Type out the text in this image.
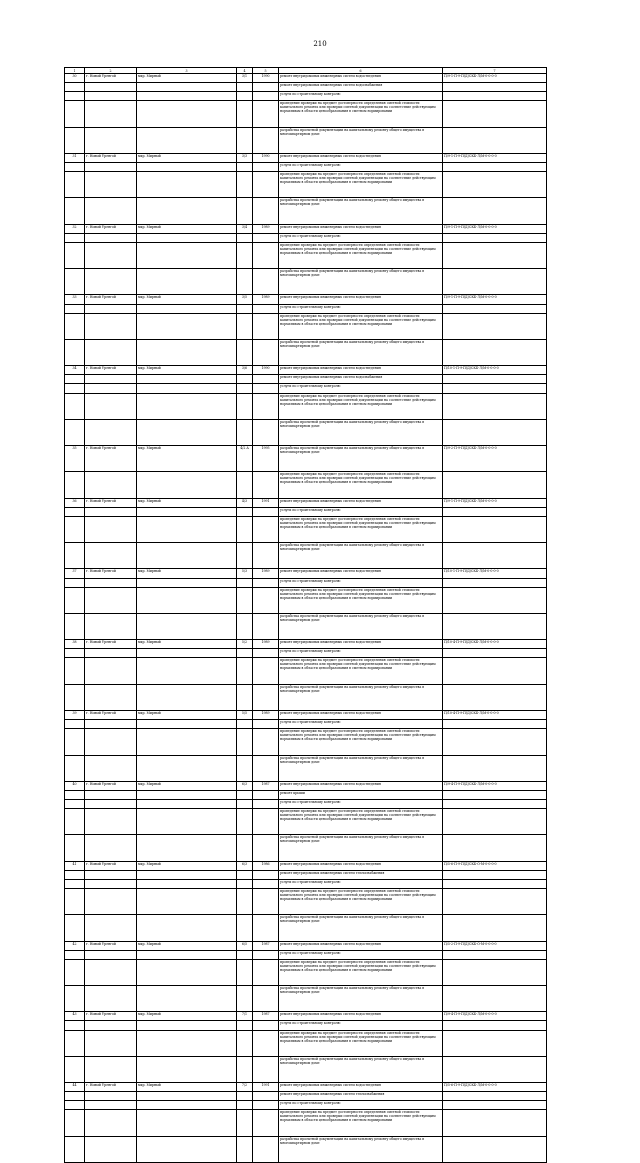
210
1	2	3	4	5	6	7
30	г. Новый Уренгой	мкр. Мирный	3/1	1990	ремонт внутридомовых инженерных систем водоотведения	П/9-1-П-9-П(Д)СКБ-Л/М-0-0-0-0
					ремонт внутридомовых инженерных систем водоснабжения	
					услуги по строительному контролю	
					проведение проверки на предмет достоверности определения сметной стоимости капитального ремонта или проверки сметной документации на соответствие действующим нормативам в области ценообразования в сметном нормировании	
					разработка проектной документации на капитальному ремонту общего имущества в многоквартирном доме	
31	г. Новый Уренгой	мкр. Мирный	3/3	1990	ремонт внутридомовых инженерных систем водоотведения	П/9-1-П-9-П(Д)СКБ-Л/М-0-0-0-0
					услуги по строительному контролю	
					проведение проверки на предмет достоверности определения сметной стоимости капитального ремонта или проверки сметной документации на соответствие действующим нормативам в области ценообразования в сметном нормировании	
					разработка проектной документации на капитальному ремонту общего имущества в многоквартирном доме	
32	г. Новый Уренгой	мкр. Мирный	3/4	1989	ремонт внутридомовых инженерных систем водоотведения	П/9-1-П-9-П(Д)СКБ-Л/М-0-0-0-0
					услуги по строительному контролю	
					проведение проверки на предмет достоверности определения сметной стоимости капитального ремонта или проверки сметной документации на соответствие действующим нормативам в области ценообразования в сметном нормировании	
					разработка проектной документации на капитальному ремонту общего имущества в многоквартирном доме	
33	г. Новый Уренгой	мкр. Мирный	3/5	1989	ремонт внутридомовых инженерных систем водоотведения	П/9-1-П-9-П(Д)СКБ-Л/М-0-0-0-0
					услуги по строительному контролю	
					проведение проверки на предмет достоверности определения сметной стоимости капитального ремонта или проверки сметной документации на соответствие действующим нормативам в области ценообразования в сметном нормировании	
					разработка проектной документации на капитальному ремонту общего имущества в многоквартирном доме	
34	г. Новый Уренгой	мкр. Мирный	3/6	1990	ремонт внутридомовых инженерных систем водоотведения	П/10-1-П-9-П(Д)СКБ-Л/М-0-0-0-0
					ремонт внутридомовых инженерных систем водоснабжения	
					услуги по строительному контролю	
					проведение проверки на предмет достоверности определения сметной стоимости капитального ремонта или проверки сметной документации на соответствие действующим нормативам в области ценообразования в сметном нормировании	
					разработка проектной документации на капитальному ремонту общего имущества в многоквартирном доме	
35	г. Новый Уренгой	мкр. Мирный	4/2 А	1995	разработка проектной документации на капитальному ремонту общего имущества в многоквартирном доме	П/9-2-П-9-П(Д)СКБ-Л/М-0-0-0-0
					проведение проверки на предмет достоверности определения сметной стоимости капитального ремонта или проверки сметной документации на соответствие действующим нормативам в области ценообразования в сметном нормировании	
36	г. Новый Уренгой	мкр. Мирный	4/3	1991	ремонт внутридомовых инженерных систем водоотведения	П/9-1-П-9-П(Д)СКБ-Л/М-0-0-0-0
					услуги по строительному контролю	
					проведение проверки на предмет достоверности определения сметной стоимости капитального ремонта или проверки сметной документации на соответствие действующим нормативам в области ценообразования в сметном нормировании	
					разработка проектной документации на капитальному ремонту общего имущества в многоквартирном доме	
37	г. Новый Уренгой	мкр. Мирный	5/3	1989	ремонт внутридомовых инженерных систем водоотведения	П/10-1-П-9-П(Д)СКБ-Л/М-0-0-0-0
					услуги по строительному контролю	
					проведение проверки на предмет достоверности определения сметной стоимости капитального ремонта или проверки сметной документации на соответствие действующим нормативам в области ценообразования в сметном нормировании	
					разработка проектной документации на капитальному ремонту общего имущества в многоквартирном доме	
38	г. Новый Уренгой	мкр. Мирный	5/2	1989	ремонт внутридомовых инженерных систем водоотведения	П/10-4-П-9-П(Д)СКБ-Л/М-0-0-0-0
					услуги по строительному контролю	
					проведение проверки на предмет достоверности определения сметной стоимости капитального ремонта или проверки сметной документации на соответствие действующим нормативам в области ценообразования в сметном нормировании	
					разработка проектной документации на капитальному ремонту общего имущества в многоквартирном доме	
39	г. Новый Уренгой	мкр. Мирный	5/5	1989	ремонт внутридомовых инженерных систем водоотведения	П/10-4-П-9-П(Д)СКБ-Л/М-0-0-0-0
					услуги по строительному контролю	
					проведение проверки на предмет достоверности определения сметной стоимости капитального ремонта или проверки сметной документации на соответствие действующим нормативам в области ценообразования в сметном нормировании	
					разработка проектной документации на капитальному ремонту общего имущества в многоквартирном доме	
40	г. Новый Уренгой	мкр. Мирный	6/3	1987	ремонт внутридомовых инженерных систем водоотведения	П/9-4-П-9-П(Д)СКБ-Л/М-0-0-0-0
					ремонт крыши	
					услуги по строительному контролю	
					проведение проверки на предмет достоверности определения сметной стоимости капитального ремонта или проверки сметной документации на соответствие действующим нормативам в области ценообразования в сметном нормировании	
					разработка проектной документации на капитальному ремонту общего имущества в многоквартирном доме	
41	г. Новый Уренгой	мкр. Мирный	6/3	1986	ремонт внутридомовых инженерных систем водоотведения	П/5-6-П-9-П(Д)СКБ-О-М-0-0-0-0
					ремонт внутридомовых инженерных систем теплоснабжения	
					услуги по строительному контролю	
					проведение проверки на предмет достоверности определения сметной стоимости капитального ремонта или проверки сметной документации на соответствие действующим нормативам в области ценообразования в сметном нормировании	
					разработка проектной документации на капитальному ремонту общего имущества в многоквартирном доме	
42	г. Новый Уренгой	мкр. Мирный	6/5	1987	ремонт внутридомовых инженерных систем водоотведения	П/5-2-П-9-П(Д)СКБ-О-М-0-0-0-0
					услуги по строительному контролю	
					проведение проверки на предмет достоверности определения сметной стоимости капитального ремонта или проверки сметной документации на соответствие действующим нормативам в области ценообразования в сметном нормировании	
					разработка проектной документации на капитальному ремонту общего имущества в многоквартирном доме	
43	г. Новый Уренгой	мкр. Мирный	7/1	1987	ремонт внутридомовых инженерных систем водоотведения	П/9-4-П-9-П(Д)СКБ-Л/М-0-0-0-0
					услуги по строительному контролю	
					проведение проверки на предмет достоверности определения сметной стоимости капитального ремонта или проверки сметной документации на соответствие действующим нормативам в области ценообразования в сметном нормировании	
					разработка проектной документации на капитальному ремонту общего имущества в многоквартирном доме	
44	г. Новый Уренгой	мкр. Мирный	7/2	1991	ремонт внутридомовых инженерных систем водоотведения	П/5-6-П-9-П(Д)СКБ-Л/М-0-0-0-0
					ремонт внутридомовых инженерных систем теплоснабжения	
					услуги по строительному контролю	
					проведение проверки на предмет достоверности определения сметной стоимости капитального ремонта или проверки сметной документации на соответствие действующим нормативам в области ценообразования в сметном нормировании	
					разработка проектной документации на капитальному ремонту общего имущества в многоквартирном доме	
